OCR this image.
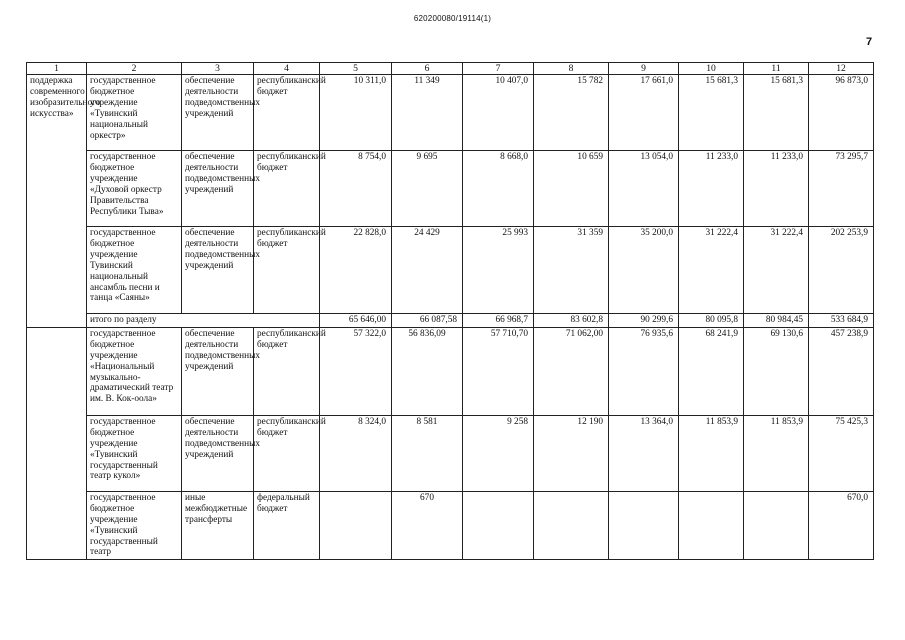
620200080/19114(1)
7
1	2	3	4	5	6	7	8	9	10	11	12
поддержка современного изобразительного искусства»	государственное бюджетное учреждение «Тувинский национальный оркестр»	обеспечение деятельности подведомственных учреждений	республиканский бюджет	10 311,0	11 349	10 407,0	15 782	17 661,0	15 681,3	15 681,3	96 873,0
	государственное бюджетное учреждение «Духовой оркестр Правительства Республики Тыва»	обеспечение деятельности подведомственных учреждений	республиканский бюджет	8 754,0	9 695	8 668,0	10 659	13 054,0	11 233,0	11 233,0	73 295,7
	государственное бюджетное учреждение Тувинский национальный ансамбль песни и танца «Саяны»	обеспечение деятельности подведомственных учреждений	республиканский бюджет	22 828,0	24 429	25 993	31 359	35 200,0	31 222,4	31 222,4	202 253,9
	итого по разделу			65 646,00	66 087,58	66 968,7	83 602,8	90 299,6	80 095,8	80 984,45	533 684,9
	государственное бюджетное учреждение «Национальный музыкально-драматический театр им. В. Кок-оола»	обеспечение деятельности подведомственных учреждений	республиканский бюджет	57 322,0	56 836,09	57 710,70	71 062,00	76 935,6	68 241,9	69 130,6	457 238,9
	государственное бюджетное учреждение «Тувинский государственный театр кукол»	обеспечение деятельности подведомственных учреждений	республиканский бюджет	8 324,0	8 581	9 258	12 190	13 364,0	11 853,9	11 853,9	75 425,3
	государственное бюджетное учреждение «Тувинский государственный театр	иные межбюджетные трансферты	федеральный бюджет		670						670,0
